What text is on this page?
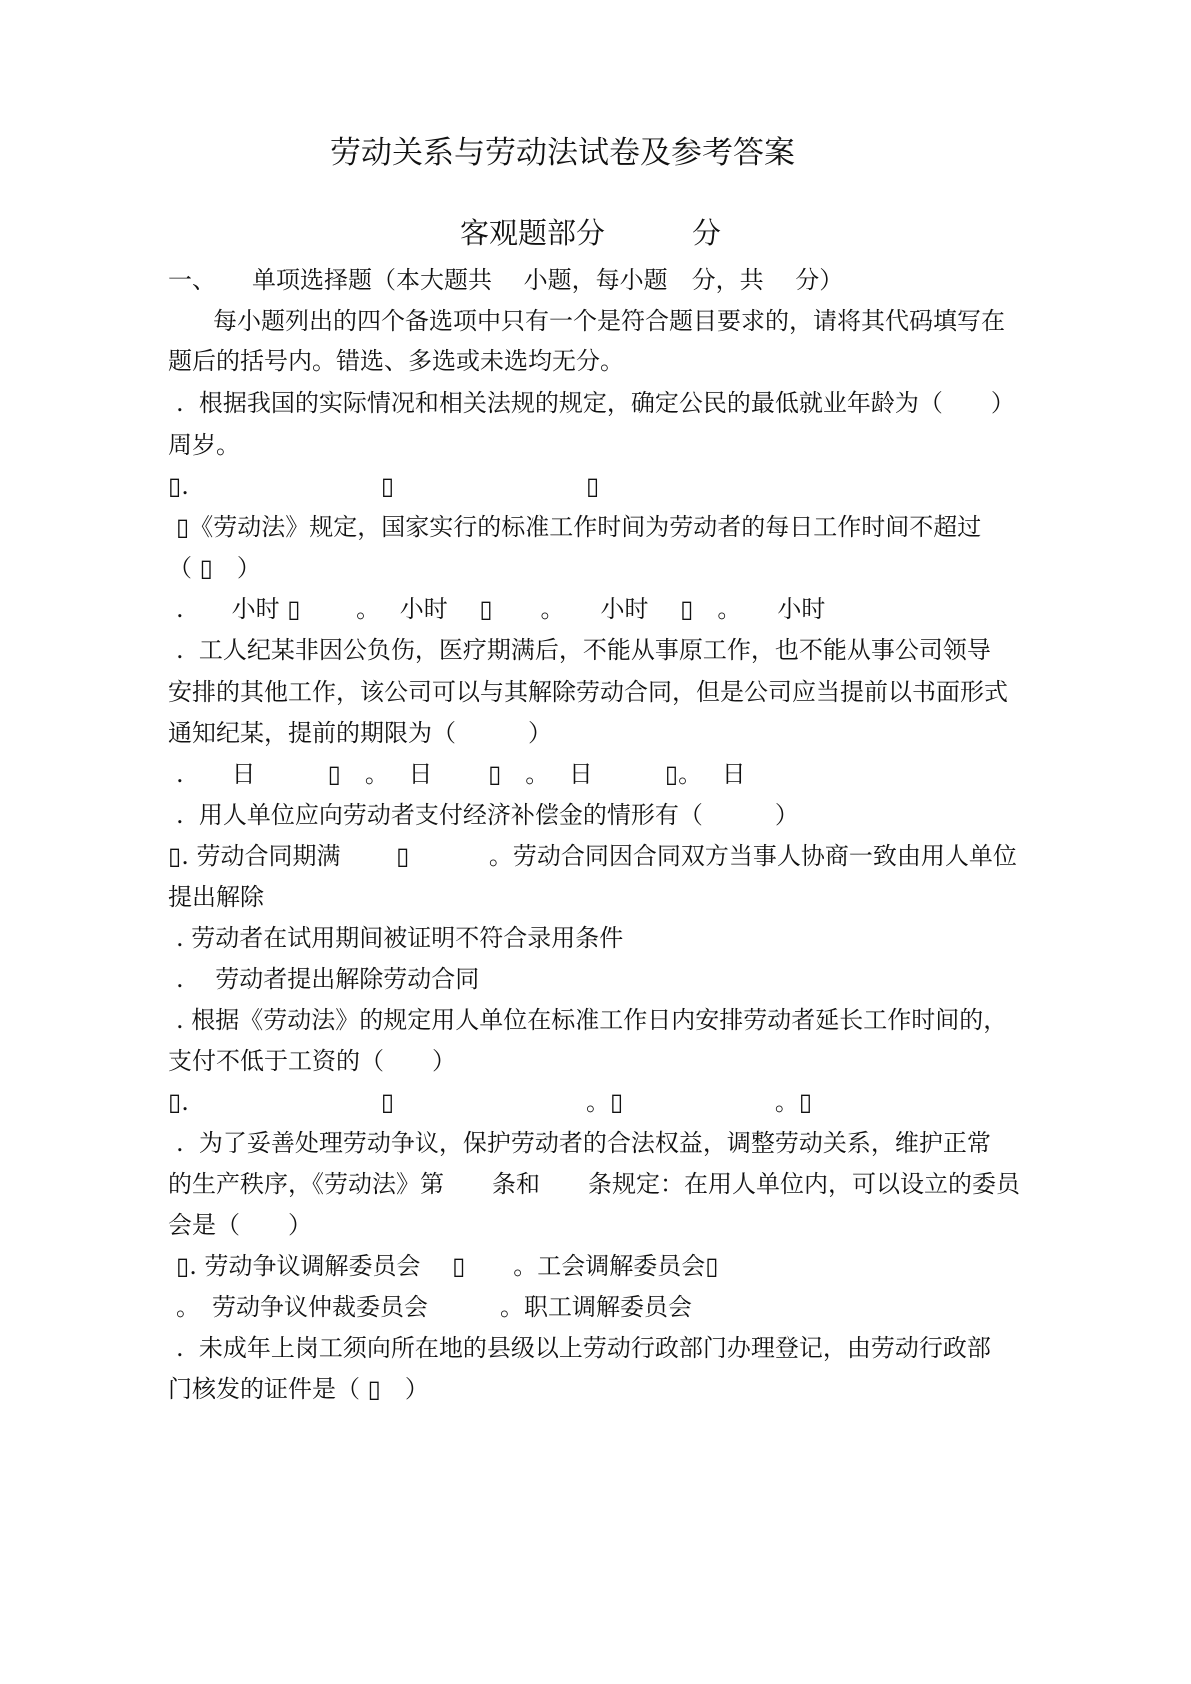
劳动关系与劳动法试卷及参考答案
客观题部分　　　分
一、　　单项选择题（本大题共　 小题，每小题　分，共　 分）
每小题列出的四个备选项中只有一个是符合题目要求的，请将其代码填写在
题后的括号内。错选、多选或未选均无分。
.  根据我国的实际情况和相关法规的规定，确定公民的最低就业年龄为（　　）
周岁。
▯.　　　　　　　　▯　　　　　　　　▯
▯《劳动法》规定，国家实行的标准工作时间为劳动者的每日工作时间不超过
（ ▯　）
.　　小时 ▯　　 。　 小时 　▯　　。　　小时 　▯　。　　小时
.  工人纪某非因公负伤，医疗期满后，不能从事原工作，也不能从事公司领导
安排的其他工作，该公司可以与其解除劳动合同，但是公司应当提前以书面形式
通知纪某，提前的期限为（　　　）
.　　日　　　▯　。　 日　　 ▯　。　 日　　　▯。　 日
.  用人单位应向劳动者支付经济补偿金的情形有（　　　）
▯. 劳动合同期满　　 ▯　　　 。劳动合同因合同双方当事人协商一致由用人单位
提出解除
. 劳动者在试用期间被证明不符合录用条件
.　 劳动者提出解除劳动合同
. 根据《劳动法》的规定用人单位在标准工作日内安排劳动者延长工作时间的，
支付不低于工资的（　　）
▯.　　　　　　　　▯　　　　　　　　。▯　　　　　　 。▯
.  为了妥善处理劳动争议，保护劳动者的合法权益，调整劳动关系，维护正常
的生产秩序，《劳动法》第　　条和　　条规定：在用人单位内，可以设立的委员
会是（　　）
▯. 劳动争议调解委员会 　▯　　。工会调解委员会▯
。　劳动争议仲裁委员会　　　。职工调解委员会
.  未成年上岗工须向所在地的县级以上劳动行政部门办理登记，由劳动行政部
门核发的证件是（ ▯　）
